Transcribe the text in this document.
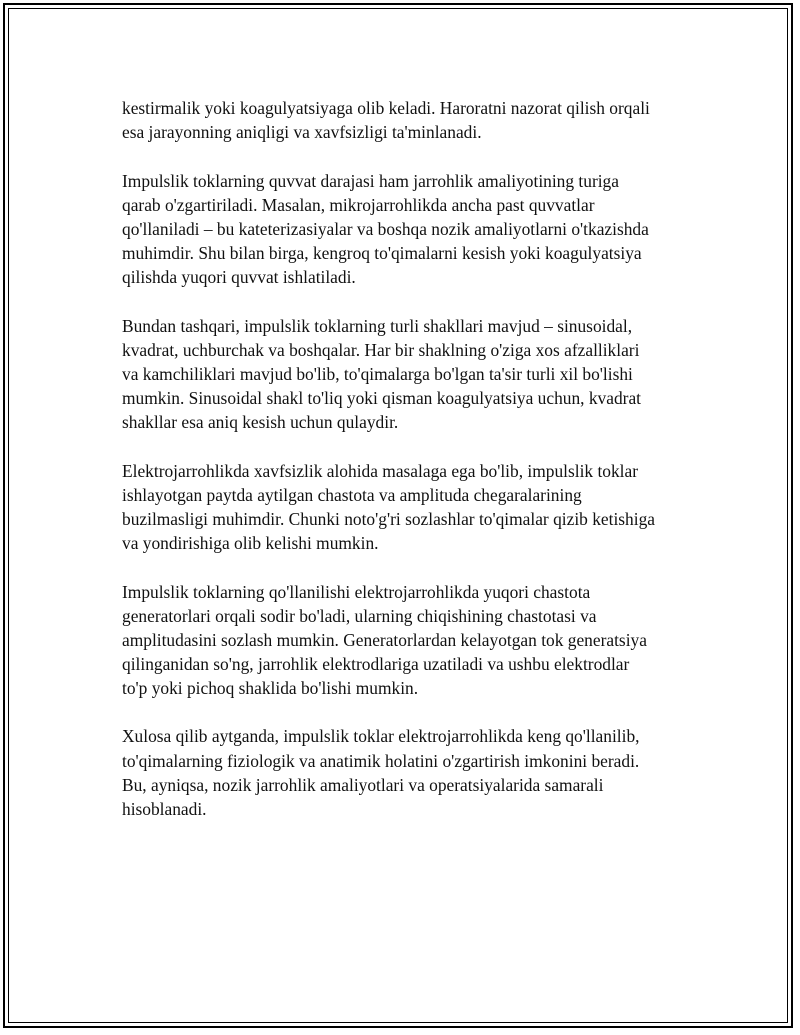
kestirmalik yoki koagulyatsiyaga olib keladi. Haroratni nazorat qilish orqali
esa jarayonning aniqligi va xavfsizligi ta'minlanadi.

Impulslik toklarning quvvat darajasi ham jarrohlik amaliyotining turiga
qarab o'zgartiriladi. Masalan, mikrojarrohlikda ancha past quvvatlar
qo'llaniladi – bu kateterizasiyalar va boshqa nozik amaliyotlarni o'tkazishda
muhimdir. Shu bilan birga, kengroq to'qimalarni kesish yoki koagulyatsiya
qilishda yuqori quvvat ishlatiladi.

Bundan tashqari, impulslik toklarning turli shakllari mavjud – sinusoidal,
kvadrat, uchburchak va boshqalar. Har bir shaklning o'ziga xos afzalliklari
va kamchiliklari mavjud bo'lib, to'qimalarga bo'lgan ta'sir turli xil bo'lishi
mumkin. Sinusoidal shakl to'liq yoki qisman koagulyatsiya uchun, kvadrat
shakllar esa aniq kesish uchun qulaydir.

Elektrojarrohlikda xavfsizlik alohida masalaga ega bo'lib, impulslik toklar
ishlayotgan paytda aytilgan chastota va amplituda chegaralarining
buzilmasligi muhimdir. Chunki noto'g'ri sozlashlar to'qimalar qizib ketishiga
va yondirishiga olib kelishi mumkin.

Impulslik toklarning qo'llanilishi elektrojarrohlikda yuqori chastota
generatorlari orqali sodir bo'ladi, ularning chiqishining chastotasi va
amplitudasini sozlash mumkin. Generatorlardan kelayotgan tok generatsiya
qilinganidan so'ng, jarrohlik elektrodlariga uzatiladi va ushbu elektrodlar
to'p yoki pichoq shaklida bo'lishi mumkin.

Xulosa qilib aytganda, impulslik toklar elektrojarrohlikda keng qo'llanilib,
to'qimalarning fiziologik va anatimik holatini o'zgartirish imkonini beradi.
Bu, ayniqsa, nozik jarrohlik amaliyotlari va operatsiyalarida samarali
hisoblanadi.
